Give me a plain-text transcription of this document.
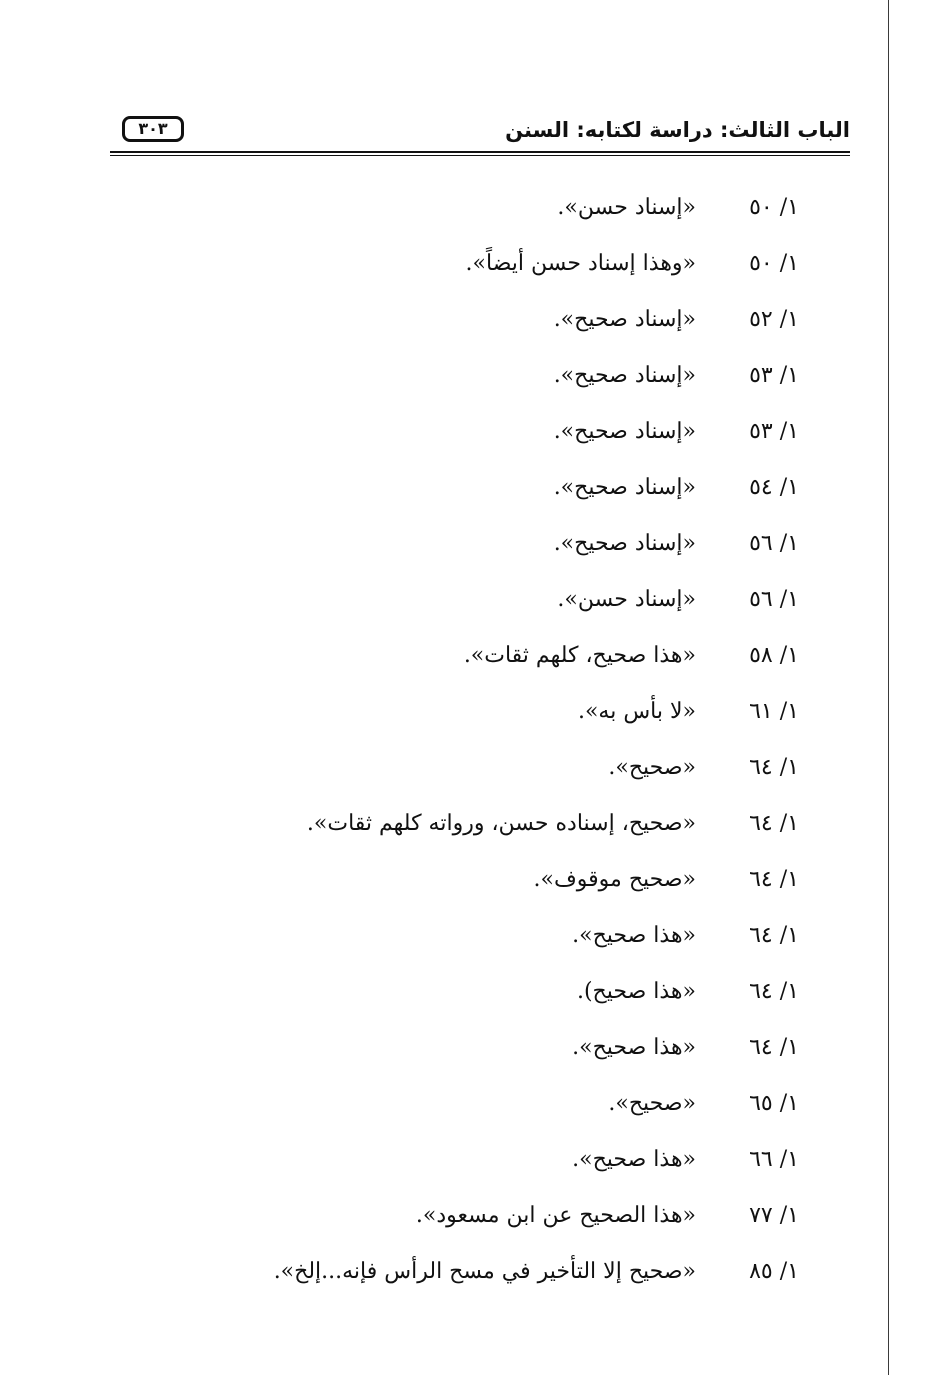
الباب الثالث: دراسة لكتابه: السنن
٣٠٣
١/ ٥٠
«إسناد حسن».
١/ ٥٠
«وهذا إسناد حسن أيضاً».
١/ ٥٢
«إسناد صحيح».
١/ ٥٣
«إسناد صحيح».
١/ ٥٣
«إسناد صحيح».
١/ ٥٤
«إسناد صحيح».
١/ ٥٦
«إسناد صحيح».
١/ ٥٦
«إسناد حسن».
١/ ٥٨
«هذا صحيح، كلهم ثقات».
١/ ٦١
«لا بأس به».
١/ ٦٤
«صحيح».
١/ ٦٤
«صحيح، إسناده حسن، ورواته كلهم ثقات».
١/ ٦٤
«صحيح موقوف».
١/ ٦٤
«هذا صحيح».
١/ ٦٤
«هذا صحيح).
١/ ٦٤
«هذا صحيح».
١/ ٦٥
«صحيح».
١/ ٦٦
«هذا صحيح».
١/ ٧٧
«هذا الصحيح عن ابن مسعود».
١/ ٨٥
«صحيح إلا التأخير في مسح الرأس فإنه...إلخ».
